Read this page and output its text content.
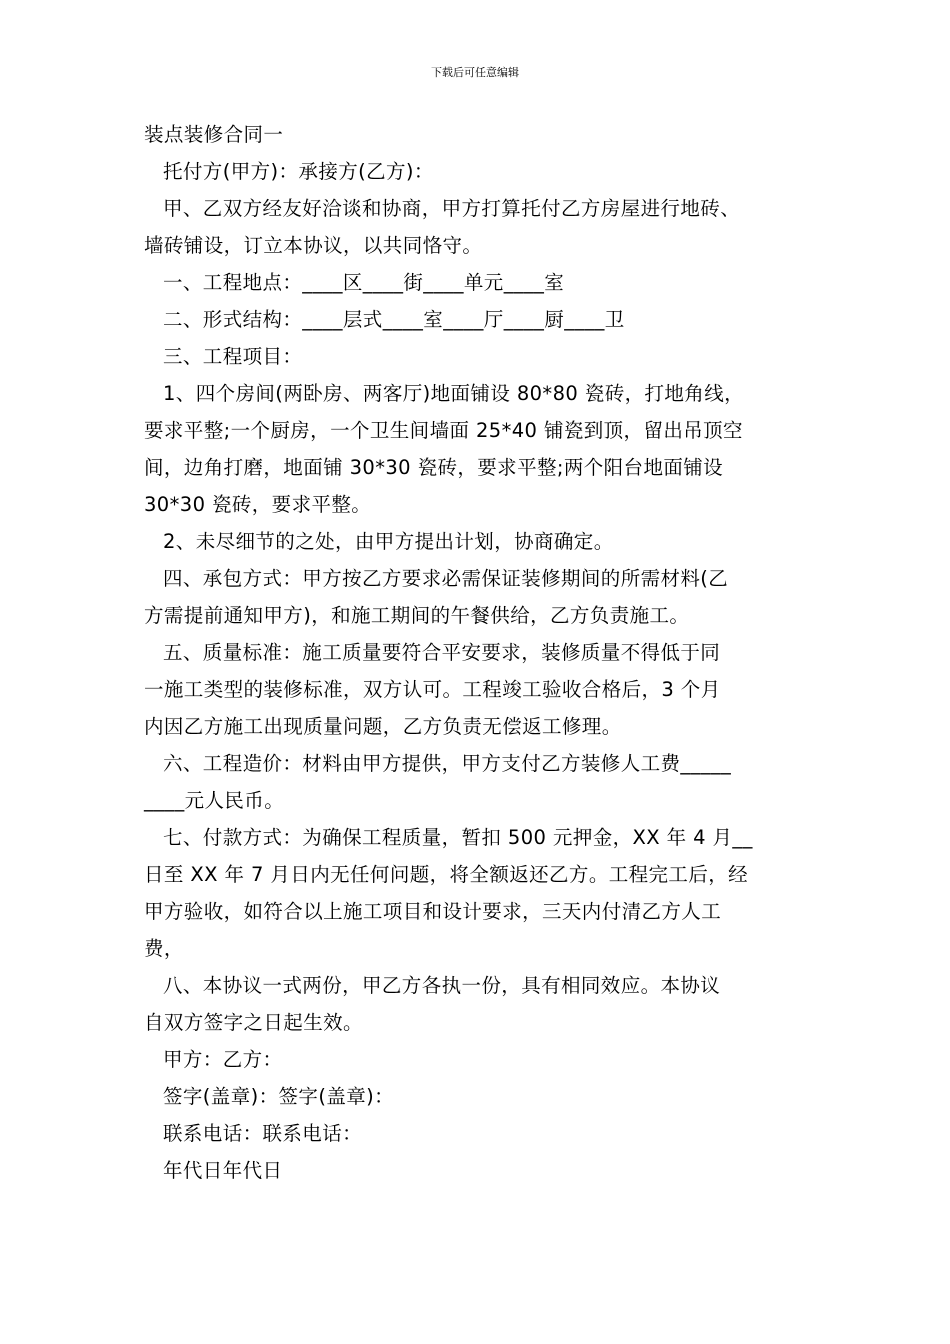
下载后可任意编辑

装点装修合同一

托付方(甲方)：承接方(乙方)：

甲、乙双方经友好洽谈和协商，甲方打算托付乙方房屋进行地砖、

墙砖铺设，订立本协议，以共同恪守。

一、工程地点：____区____街____单元____室

二、形式结构：____层式____室____厅____厨____卫

三、工程项目：

1、四个房间(两卧房、两客厅)地面铺设 80*80 瓷砖，打地角线，

要求平整;一个厨房，一个卫生间墙面 25*40 铺瓷到顶，留出吊顶空

间，边角打磨，地面铺 30*30 瓷砖，要求平整;两个阳台地面铺设

30*30 瓷砖，要求平整。

2、未尽细节的之处，由甲方提出计划，协商确定。

四、承包方式：甲方按乙方要求必需保证装修期间的所需材料(乙

方需提前通知甲方)，和施工期间的午餐供给，乙方负责施工。

五、质量标准：施工质量要符合平安要求，装修质量不得低于同

一施工类型的装修标准，双方认可。工程竣工验收合格后，3 个月

内因乙方施工出现质量问题，乙方负责无偿返工修理。

六、工程造价：材料由甲方提供，甲方支付乙方装修人工费_____

____元人民币。

七、付款方式：为确保工程质量，暂扣 500 元押金，XX 年 4 月__

日至 XX 年 7 月日内无任何问题，将全额返还乙方。工程完工后，经

甲方验收，如符合以上施工项目和设计要求，三天内付清乙方人工

费，

八、本协议一式两份，甲乙方各执一份，具有相同效应。本协议

自双方签字之日起生效。

甲方：乙方：

签字(盖章)：签字(盖章)：

联系电话：联系电话：

年代日年代日
